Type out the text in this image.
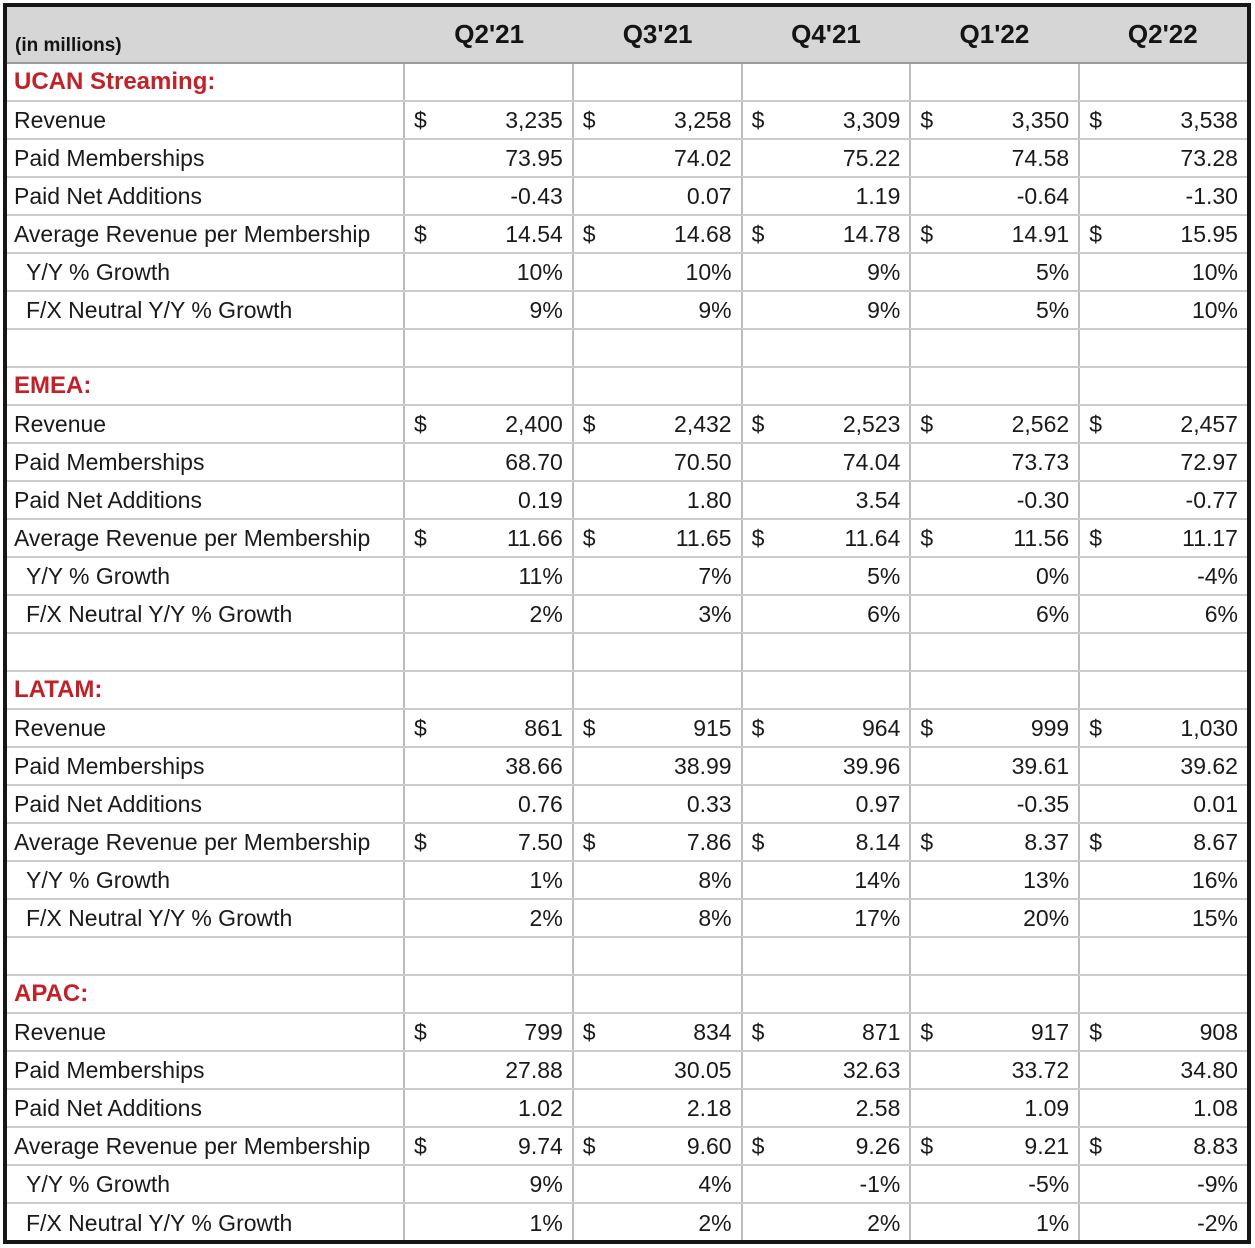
(in millions)	Q2'21	Q3'21	Q4'21	Q1'22	Q2'22
UCAN Streaming:
Revenue	$	3,235 $	3,258 $	3,309 $	3,350 $	3,538
Paid Memberships	73.95	74.02	75.22	74.58	73.28
Paid Net Additions	-0.43	0.07	1.19	-0.64	-1.30
Average Revenue per Membership	$	14.54 $	14.68 $	14.78 $	14.91 $	15.95
Y/Y % Growth	10%	10%	9%	5%	10%
F/X Neutral Y/Y % Growth	9%	9%	9%	5%	10%
EMEA:
Revenue	$	2,400 $	2,432 $	2,523 $	2,562 $	2,457
Paid Memberships	68.70	70.50	74.04	73.73	72.97
Paid Net Additions	0.19	1.80	3.54	-0.30	-0.77
Average Revenue per Membership	$	11.66 $	11.65 $	11.64 $	11.56 $	11.17
Y/Y % Growth	11%	7%	5%	0%	-4%
F/X Neutral Y/Y % Growth	2%	3%	6%	6%	6%
LATAM:
Revenue	$	861 $	915 $	964 $	999 $	1,030
Paid Memberships	38.66	38.99	39.96	39.61	39.62
Paid Net Additions	0.76	0.33	0.97	-0.35	0.01
Average Revenue per Membership	$	7.50 $	7.86 $	8.14 $	8.37 $	8.67
Y/Y % Growth	1%	8%	14%	13%	16%
F/X Neutral Y/Y % Growth	2%	8%	17%	20%	15%
APAC:
Revenue	$	799 $	834 $	871 $	917 $	908
Paid Memberships	27.88	30.05	32.63	33.72	34.80
Paid Net Additions	1.02	2.18	2.58	1.09	1.08
Average Revenue per Membership	$	9.74 $	9.60 $	9.26 $	9.21 $	8.83
Y/Y % Growth	9%	4%	-1%	-5%	-9%
F/X Neutral Y/Y % Growth	1%	2%	2%	1%	-2%
